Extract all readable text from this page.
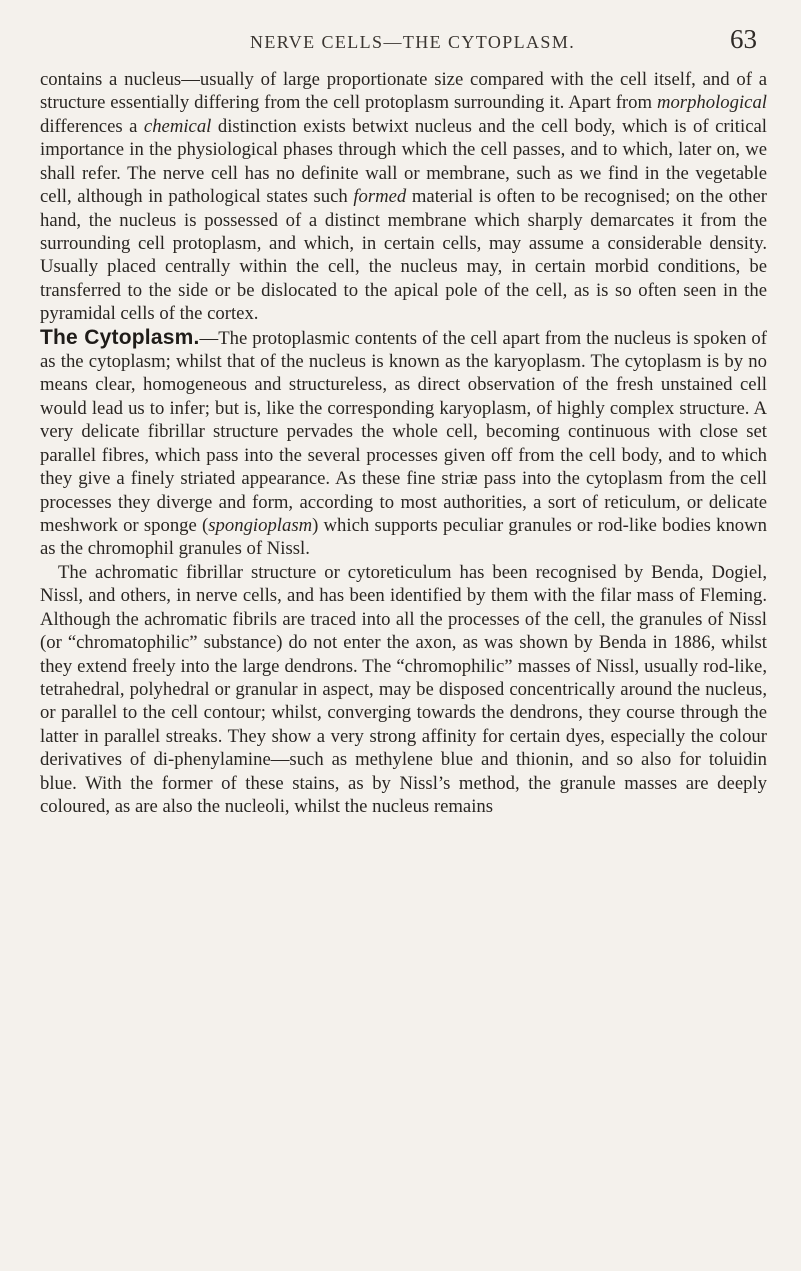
NERVE CELLS—THE CYTOPLASM.	63

contains a nucleus—usually of large proportionate size compared with the cell itself, and of a structure essentially differing from the cell protoplasm surrounding it. Apart from morphological differences a chemical distinction exists betwixt nucleus and the cell body, which is of critical importance in the physiological phases through which the cell passes, and to which, later on, we shall refer. The nerve cell has no definite wall or membrane, such as we find in the vegetable cell, although in pathological states such formed material is often to be recognised; on the other hand, the nucleus is possessed of a distinct membrane which sharply demarcates it from the surrounding cell protoplasm, and which, in certain cells, may assume a considerable density. Usually placed centrally within the cell, the nucleus may, in certain morbid conditions, be transferred to the side or be dislocated to the apical pole of the cell, as is so often seen in the pyramidal cells of the cortex.

The Cytoplasm.—The protoplasmic contents of the cell apart from the nucleus is spoken of as the cytoplasm; whilst that of the nucleus is known as the karyoplasm. The cytoplasm is by no means clear, homogeneous and structureless, as direct observation of the fresh unstained cell would lead us to infer; but is, like the corresponding karyoplasm, of highly complex structure. A very delicate fibrillar structure pervades the whole cell, becoming continuous with close set parallel fibres, which pass into the several processes given off from the cell body, and to which they give a finely striated appearance. As these fine striæ pass into the cytoplasm from the cell processes they diverge and form, according to most authorities, a sort of reticulum, or delicate meshwork or sponge (spongioplasm) which supports peculiar granules or rod-like bodies known as the chromophil granules of Nissl.

The achromatic fibrillar structure or cytoreticulum has been recognised by Benda, Dogiel, Nissl, and others, in nerve cells, and has been identified by them with the filar mass of Fleming. Although the achromatic fibrils are traced into all the processes of the cell, the granules of Nissl (or “chromatophilic” substance) do not enter the axon, as was shown by Benda in 1886, whilst they extend freely into the large dendrons. The “chromophilic” masses of Nissl, usually rod-like, tetrahedral, polyhedral or granular in aspect, may be disposed concentrically around the nucleus, or parallel to the cell contour; whilst, converging towards the dendrons, they course through the latter in parallel streaks. They show a very strong affinity for certain dyes, especially the colour derivatives of di-phenylamine—such as methylene blue and thionin, and so also for toluidin blue. With the former of these stains, as by Nissl’s method, the granule masses are deeply coloured, as are also the nucleoli, whilst the nucleus remains
